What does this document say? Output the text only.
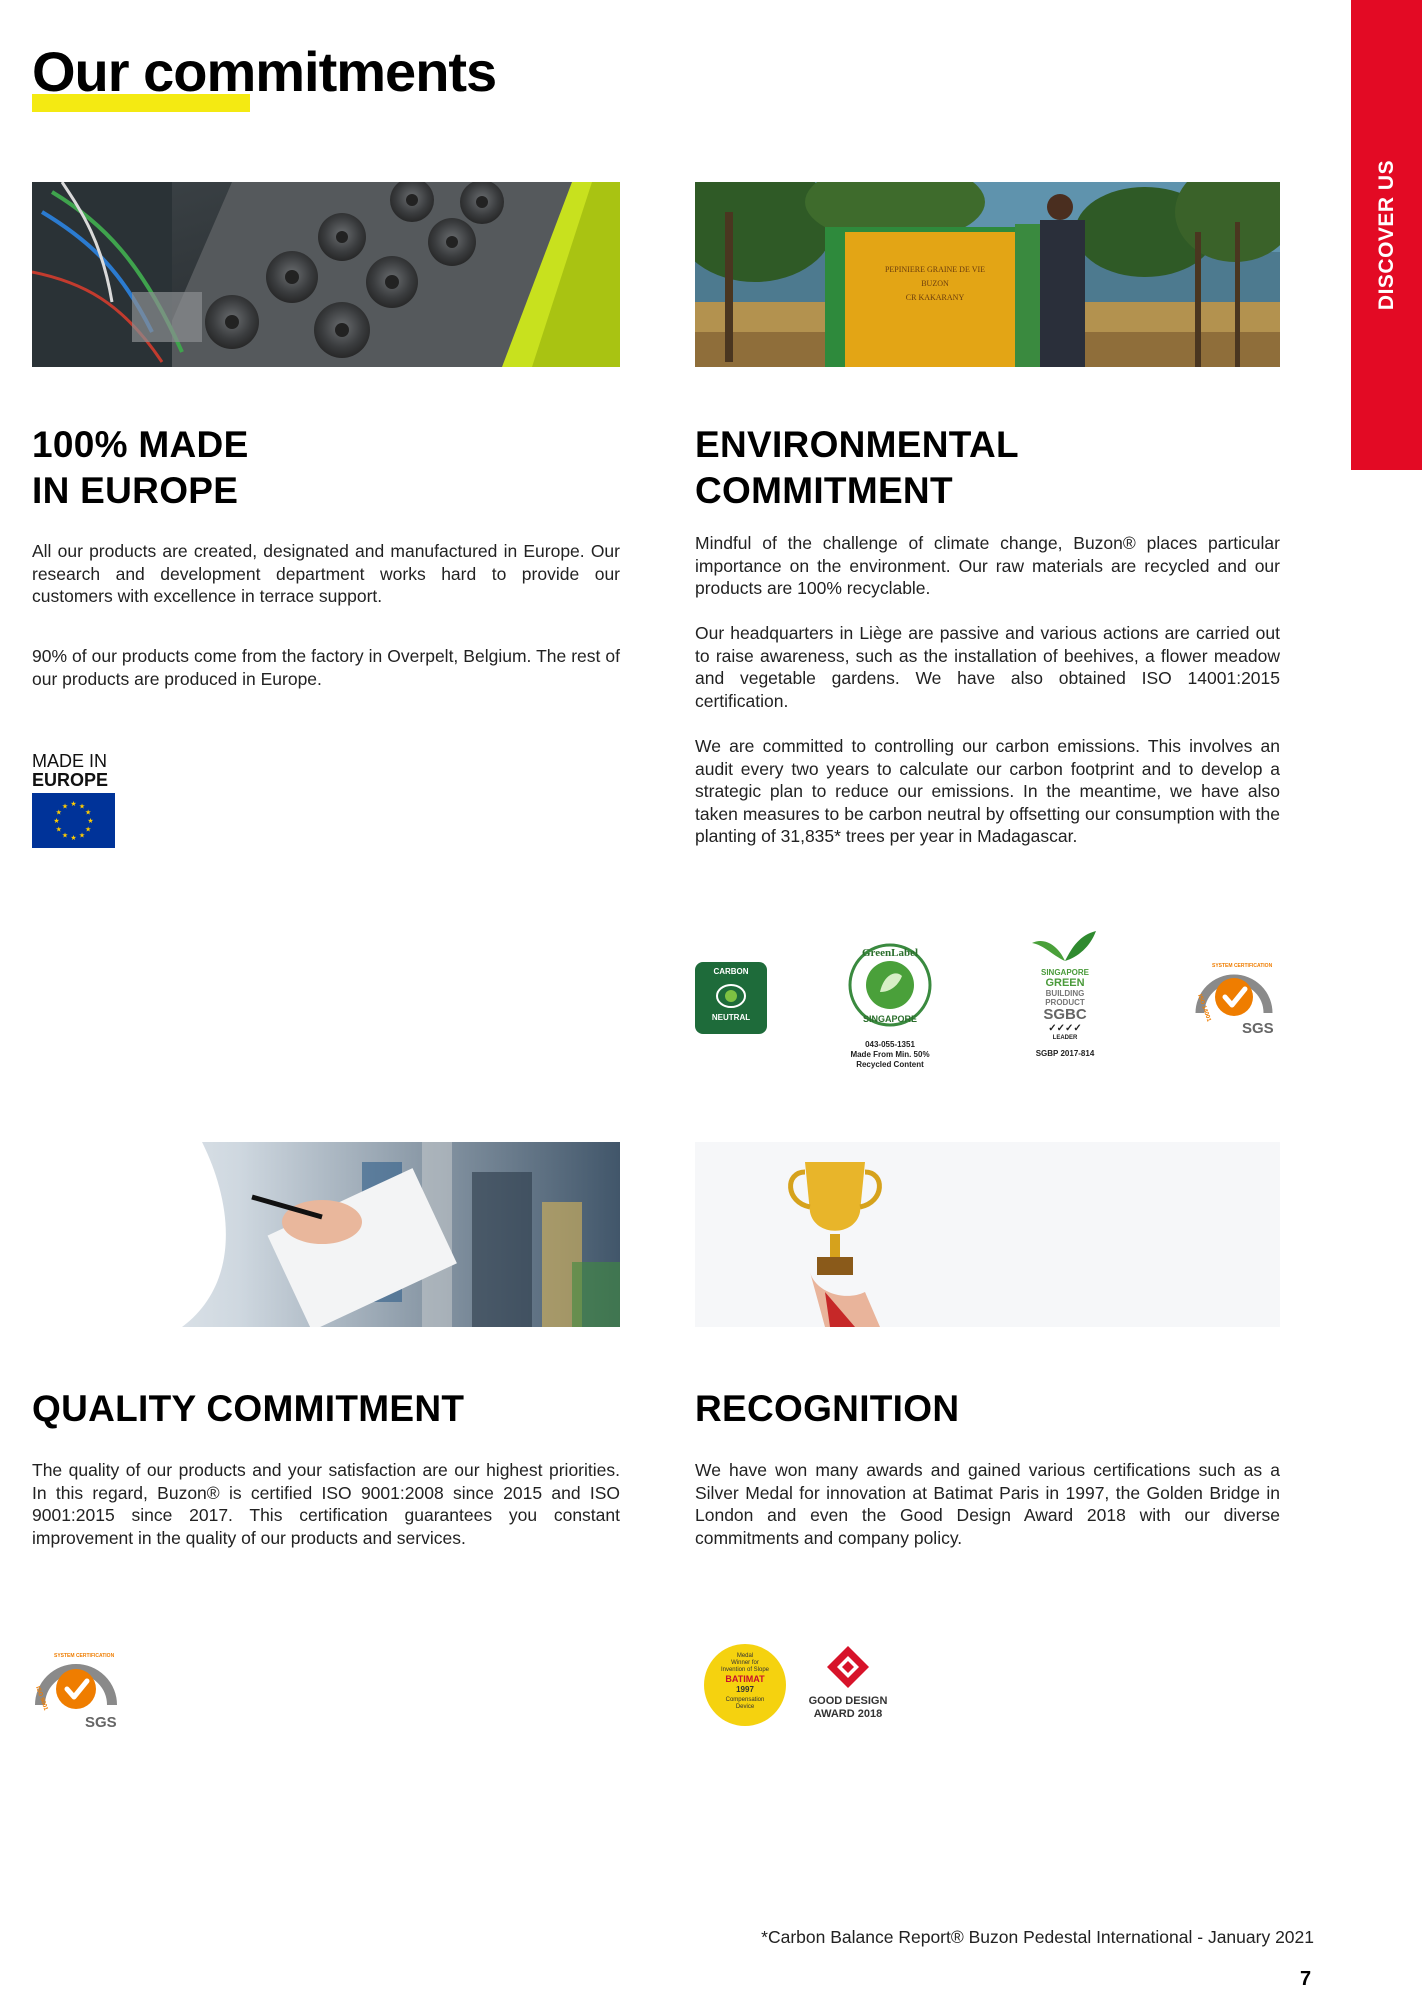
DISCOVER US
Our commitments
PEPINIERE GRAINE DE VIE
BUZON
CR KAKARANY
100% MADE
IN EUROPE

All our products are created, designated and manufactured in Europe. Our research and development department works hard to provide our customers with excellence in terrace support.

90% of our products come from the factory in Overpelt, Belgium. The rest of our products are produced in Europe.

MADE IN
EUROPE
★ ★
★
★
★
★
★
★
★
★
★
★
ENVIRONMENTAL
COMMITMENT

Mindful of the challenge of climate change, Buzon® places particular importance on the environment. Our raw materials are recycled and our products are 100% recyclable.

Our headquarters in Liège are passive and various actions are carried out to raise awareness, such as the installation of beehives, a flower meadow and vegetable gardens. We have also obtained ISO 14001:2015 certification.

We are committed to controlling our carbon emissions. This involves an audit every two years to calculate our carbon footprint and to develop a strategic plan to reduce our emissions. In the meantime, we have also taken measures to be carbon neutral by offsetting our consumption with the planting of 31,835* trees per year in Madagascar.

CARBON
NEUTRAL
GreenLabel
SINGAPORE
043-055-1351
Made From Min. 50%
Recycled Content
SINGAPORE
GREEN
BUILDING
PRODUCT
SGBC
✓✓✓✓
LEADER
SGBP 2017-814
SGS
ISO 14001
SYSTEM CERTIFICATION
QUALITY COMMITMENT

The quality of our products and your satisfaction are our highest priorities. In this regard, Buzon® is certified ISO 9001:2008 since 2015 and ISO 9001:2015 since 2017. This certification guarantees you constant improvement in the quality of our products and services.

SGS
ISO 9001
SYSTEM CERTIFICATION
RECOGNITION

We have won many awards and gained various certifications such as a Silver Medal for innovation at Batimat Paris in 1997, the Golden Bridge in London and even the Good Design Award 2018 with our diverse commitments and company policy.

Medal
Winner for
Invention of Slope
BATIMAT
1997
Compensation
Device	GOOD DESIGN
AWARD 2018
*Carbon Balance Report® Buzon Pedestal International - January 2021
7
